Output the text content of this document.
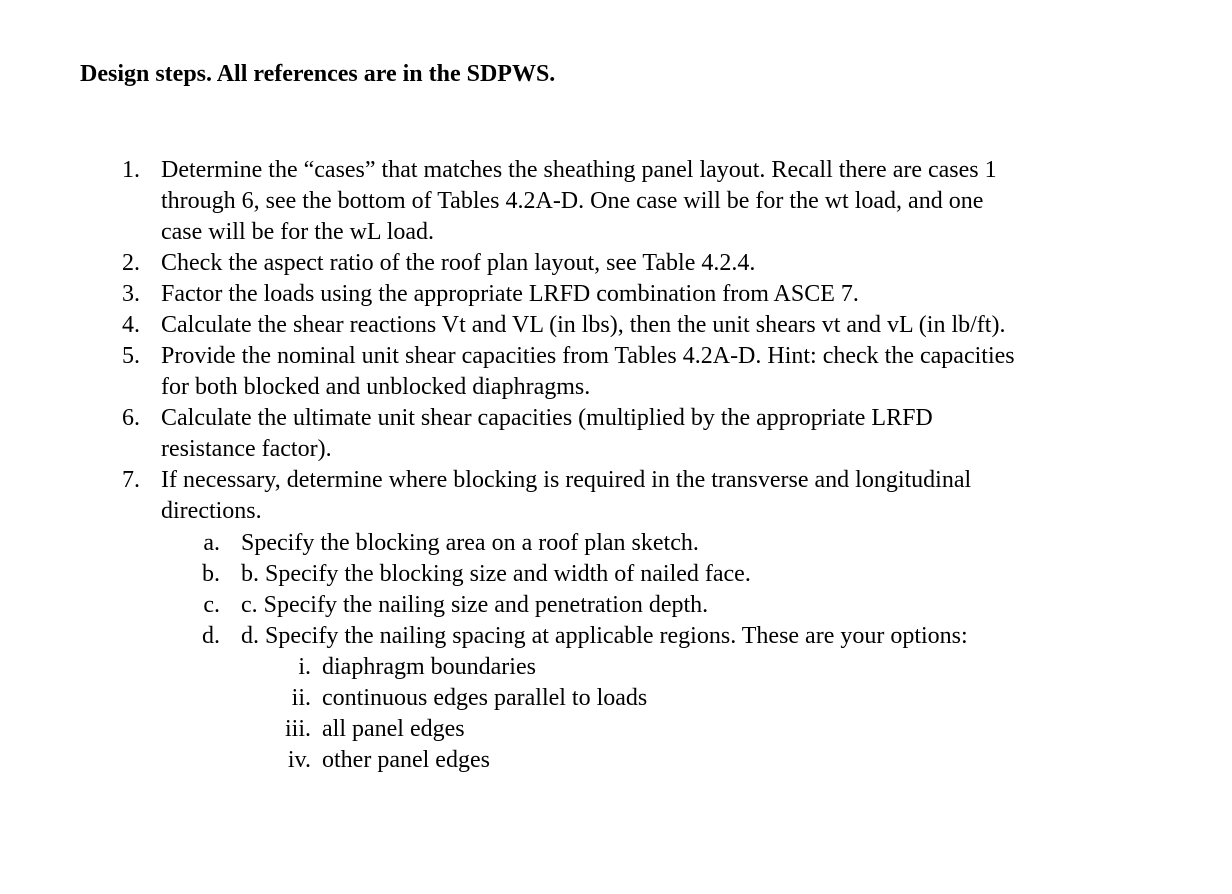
Design steps. All references are in the SDPWS.
1. Determine the “cases” that matches the sheathing panel layout. Recall there are cases 1
through 6, see the bottom of Tables 4.2A-D. One case will be for the wt load, and one
case will be for the wL load.
2. Check the aspect ratio of the roof plan layout, see Table 4.2.4.
3. Factor the loads using the appropriate LRFD combination from ASCE 7.
4. Calculate the shear reactions Vt and VL (in lbs), then the unit shears vt and vL (in lb/ft).
5. Provide the nominal unit shear capacities from Tables 4.2A-D. Hint: check the capacities
for both blocked and unblocked diaphragms.
6. Calculate the ultimate unit shear capacities (multiplied by the appropriate LRFD
resistance factor).
7. If necessary, determine where blocking is required in the transverse and longitudinal
directions.
a. Specify the blocking area on a roof plan sketch.
b. b. Specify the blocking size and width of nailed face.
c. c. Specify the nailing size and penetration depth.
d. d. Specify the nailing spacing at applicable regions. These are your options:
i. diaphragm boundaries
ii. continuous edges parallel to loads
iii. all panel edges
iv. other panel edges
